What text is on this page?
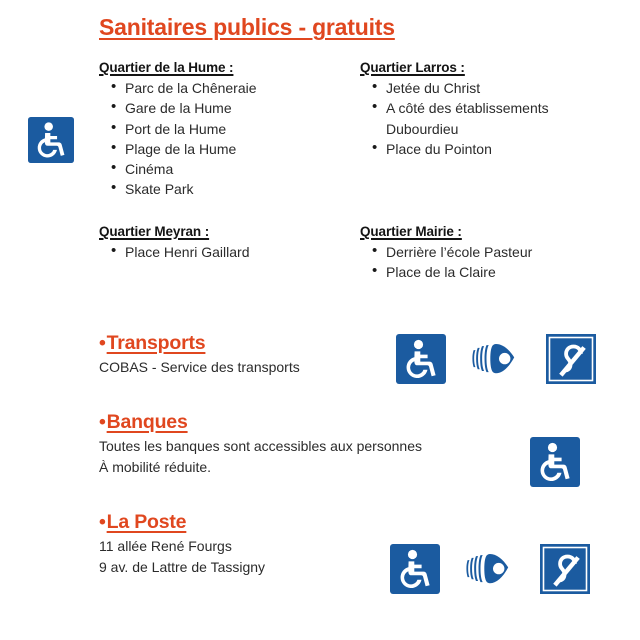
Sanitaires publics - gratuits
Quartier de la Hume :
• Parc de la Chêneraie
• Gare de la Hume
• Port de la Hume
• Plage de la Hume
• Cinéma
• Skate Park
Quartier Larros :
• Jetée du Christ
• A côté des établissements Dubourdieu
• Place du Pointon
Quartier Meyran :
• Place Henri Gaillard
Quartier Mairie :
• Derrière l’école Pasteur
• Place de la Claire
•Transports
COBAS - Service des transports
•Banques
Toutes les banques sont accessibles aux personnes
À mobilité réduite.
•La Poste
11 allée René Fourgs
9 av. de Lattre de Tassigny
